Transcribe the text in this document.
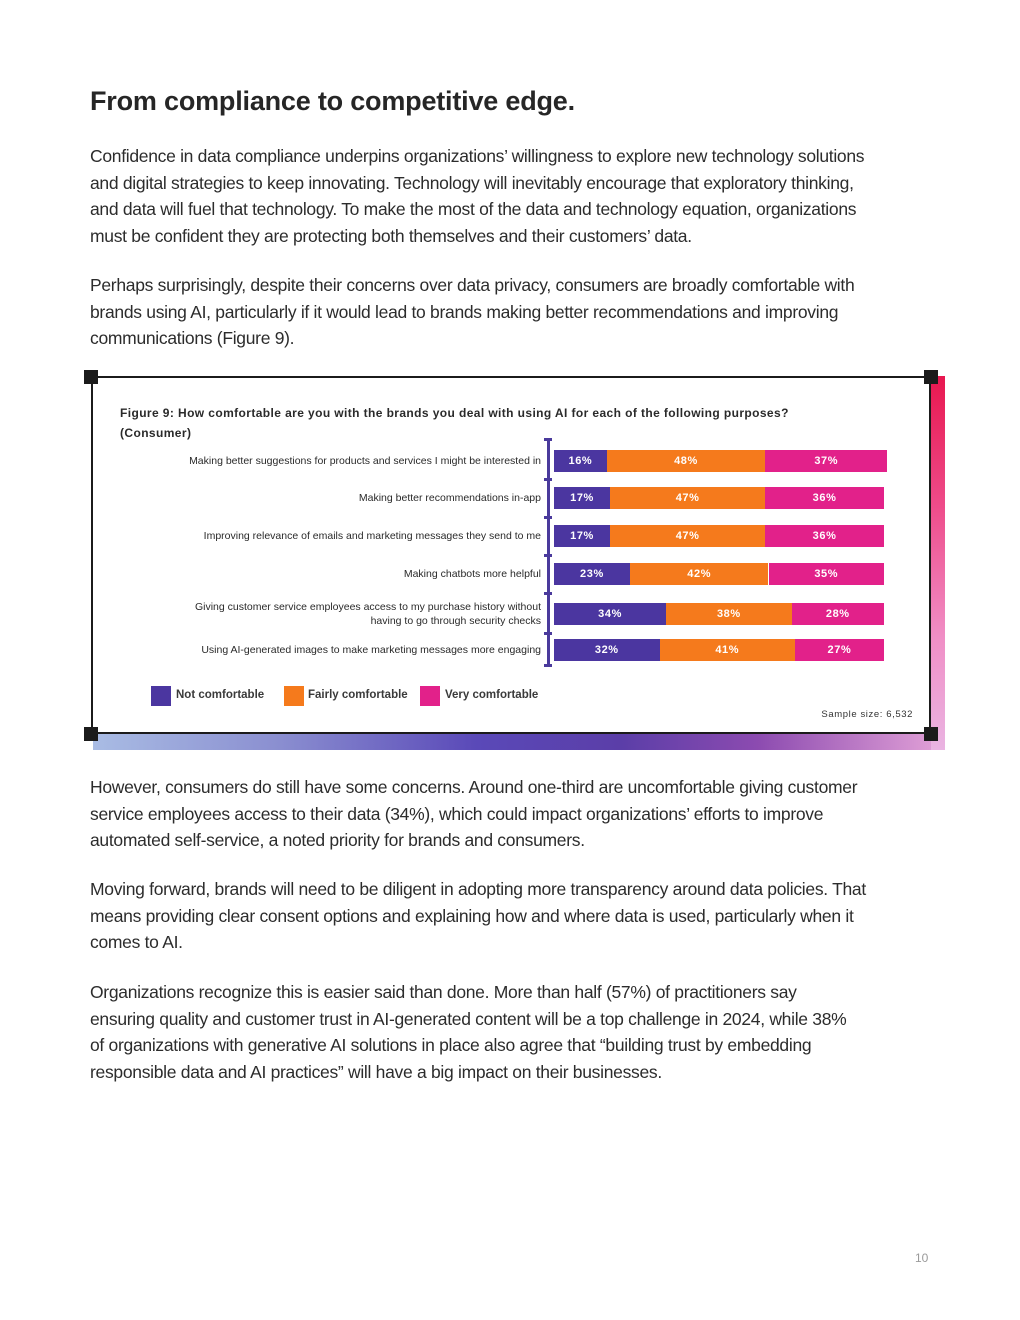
From compliance to competitive edge.

Confidence in data compliance underpins organizations’ willingness to explore new technology solutions
and digital strategies to keep innovating. Technology will inevitably encourage that exploratory thinking,
and data will fuel that technology. To make the most of the data and technology equation, organizations
must be confident they are protecting both themselves and their customers’ data.

Perhaps surprisingly, despite their concerns over data privacy, consumers are broadly comfortable with
brands using AI, particularly if it would lead to brands making better recommendations and improving
communications (Figure 9).

Figure 9: How comfortable are you with the brands you deal with using AI for each of the following purposes?
(Consumer)
Not comfortable	Fairly comfortable	Very comfortable
Sample size: 6,532

However, consumers do still have some concerns. Around one-third are uncomfortable giving customer
service employees access to their data (34%), which could impact organizations’ efforts to improve
automated self-service, a noted priority for brands and consumers.

Moving forward, brands will need to be diligent in adopting more transparency around data policies. That
means providing clear consent options and explaining how and where data is used, particularly when it
comes to AI.

Organizations recognize this is easier said than done. More than half (57%) of practitioners say
ensuring quality and customer trust in AI-generated content will be a top challenge in 2024, while 38%
of organizations with generative AI solutions in place also agree that “building trust by embedding
responsible data and AI practices” will have a big impact on their businesses.

10
Making better suggestions for products and services I might be interested in 16%	48%	37%
Making better recommendations in-app	17%	47%	36%
Improving relevance of emails and marketing messages they send to me	17%	47%	36%
Making chatbots more helpful	23%	42%	35%
Giving customer service employees access to my purchase history without
having to go through security checks
34%	38%	28%
Using AI-generated images to make marketing messages more engaging	32%	41%	27%
